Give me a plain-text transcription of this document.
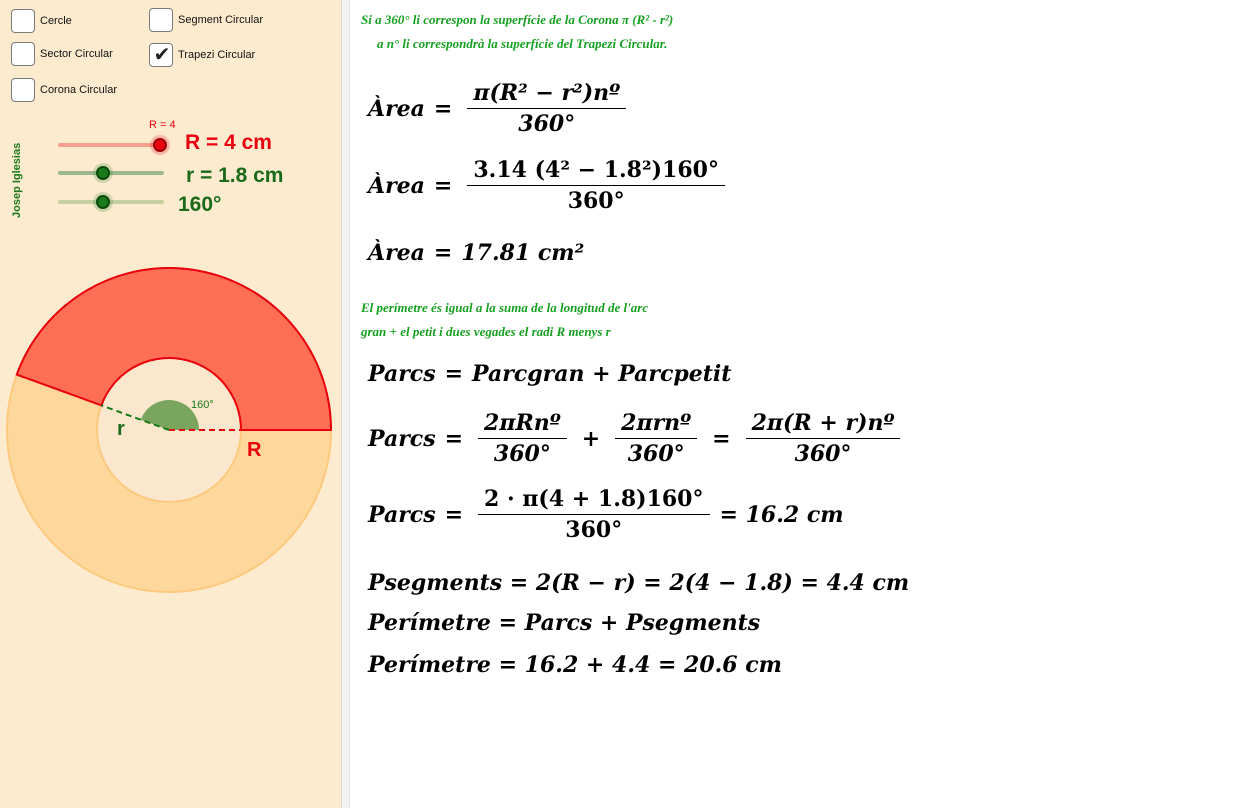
Cercle	Segment Circular
Sector Circular ✔ Trapezi Circular
Corona Circular
Josep Iglesias
R = 4
R = 4 cm
r = 1.8 cm
160°
160°
r
R
Si a 360° li correspon la superfície de la Corona π (R² - r²)
a n° li correspondrà la superfície del Trapezi Circular.
Àrea = $\frac{\text{π(R² − r²)nº}}{360^\circ}$
Àrea = $\frac{\text{3.14 (4² − 1.8²)160°}}{360^\circ}$
Àrea = 17.81 cm²
El perímetre és igual a la suma de la longitud de l'arc
gran + el petit i dues vegades el radi R menys r
Parcs = Parcgran + Parcpetit
Parcs = $\frac{\text{2πRnº}}{360^\circ} + \frac{\text{2πrnº}}{360^\circ} = \frac{\text{2π(R + r)nº}}{360^\circ}$
Parcs = $\frac{2 \cdot \pi(4 + 1.8)160^\circ}{360^\circ} = 16.2$ cm
Psegments = 2(R − r) = 2(4 − 1.8) = 4.4 cm
Perímetre = Parcs + Psegments
Perímetre = 16.2 + 4.4 = 20.6 cm
